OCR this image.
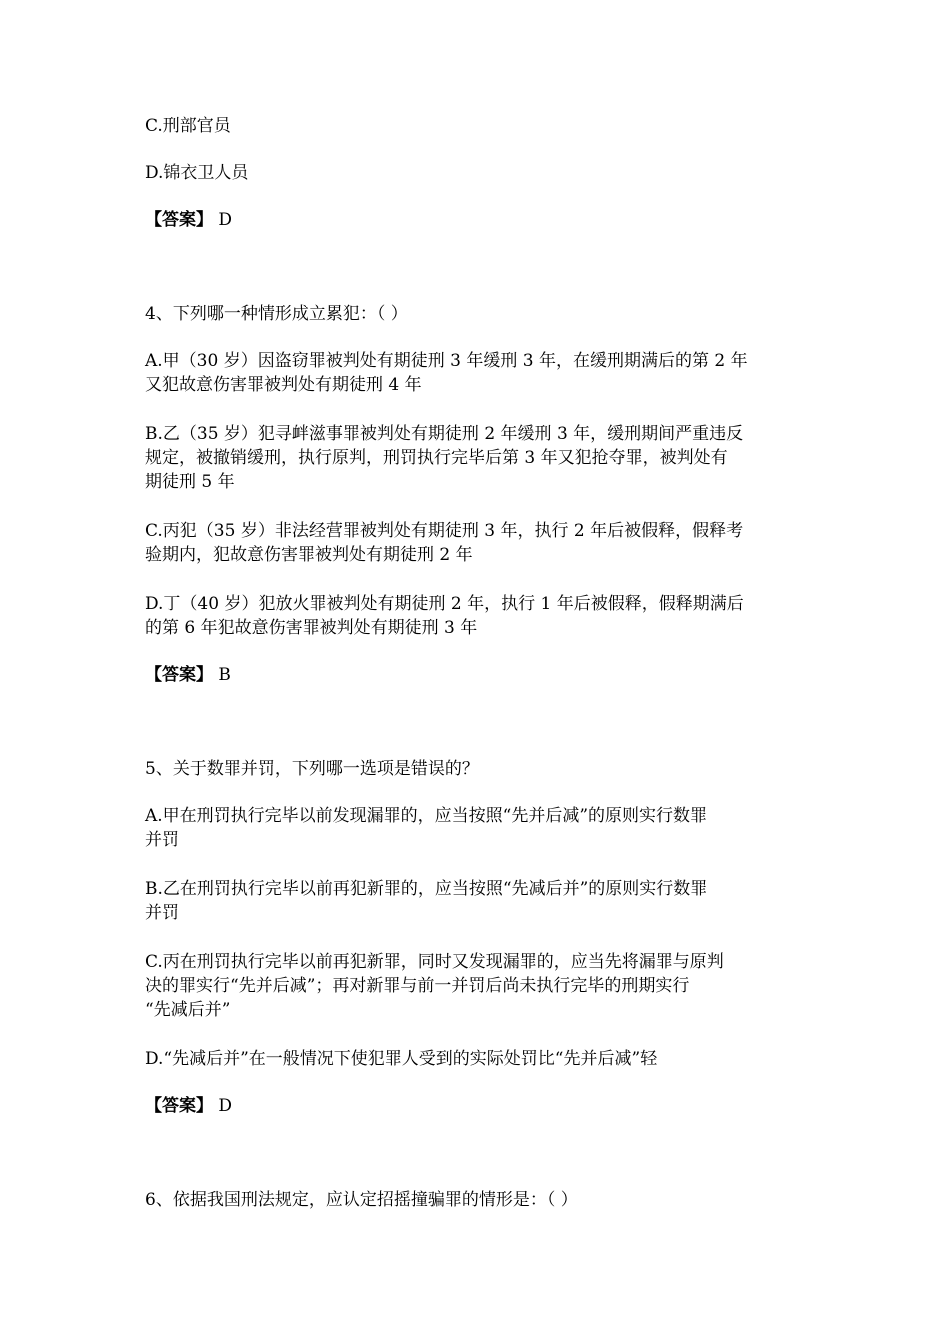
C.刑部官员
D.锦衣卫人员
【答案】 D
4、下列哪一种情形成立累犯：（ ）
A.甲（30 岁）因盗窃罪被判处有期徒刑 3 年缓刑 3 年，在缓刑期满后的第 2 年
又犯故意伤害罪被判处有期徒刑 4 年
B.乙（35 岁）犯寻衅滋事罪被判处有期徒刑 2 年缓刑 3 年，缓刑期间严重违反
规定，被撤销缓刑，执行原判，刑罚执行完毕后第 3 年又犯抢夺罪，被判处有
期徒刑 5 年
C.丙犯（35 岁）非法经营罪被判处有期徒刑 3 年，执行 2 年后被假释，假释考
验期内，犯故意伤害罪被判处有期徒刑 2 年
D.丁（40 岁）犯放火罪被判处有期徒刑 2 年，执行 1 年后被假释，假释期满后
的第 6 年犯故意伤害罪被判处有期徒刑 3 年
【答案】 B
5、关于数罪并罚，下列哪一选项是错误的？
A.甲在刑罚执行完毕以前发现漏罪的，应当按照“先并后减”的原则实行数罪
并罚
B.乙在刑罚执行完毕以前再犯新罪的，应当按照“先减后并”的原则实行数罪
并罚
C.丙在刑罚执行完毕以前再犯新罪，同时又发现漏罪的，应当先将漏罪与原判
决的罪实行“先并后减”；再对新罪与前一并罚后尚未执行完毕的刑期实行
“先减后并”
D.“先减后并”在一般情况下使犯罪人受到的实际处罚比“先并后减”轻
【答案】 D
6、依据我国刑法规定，应认定招摇撞骗罪的情形是：（ ）
